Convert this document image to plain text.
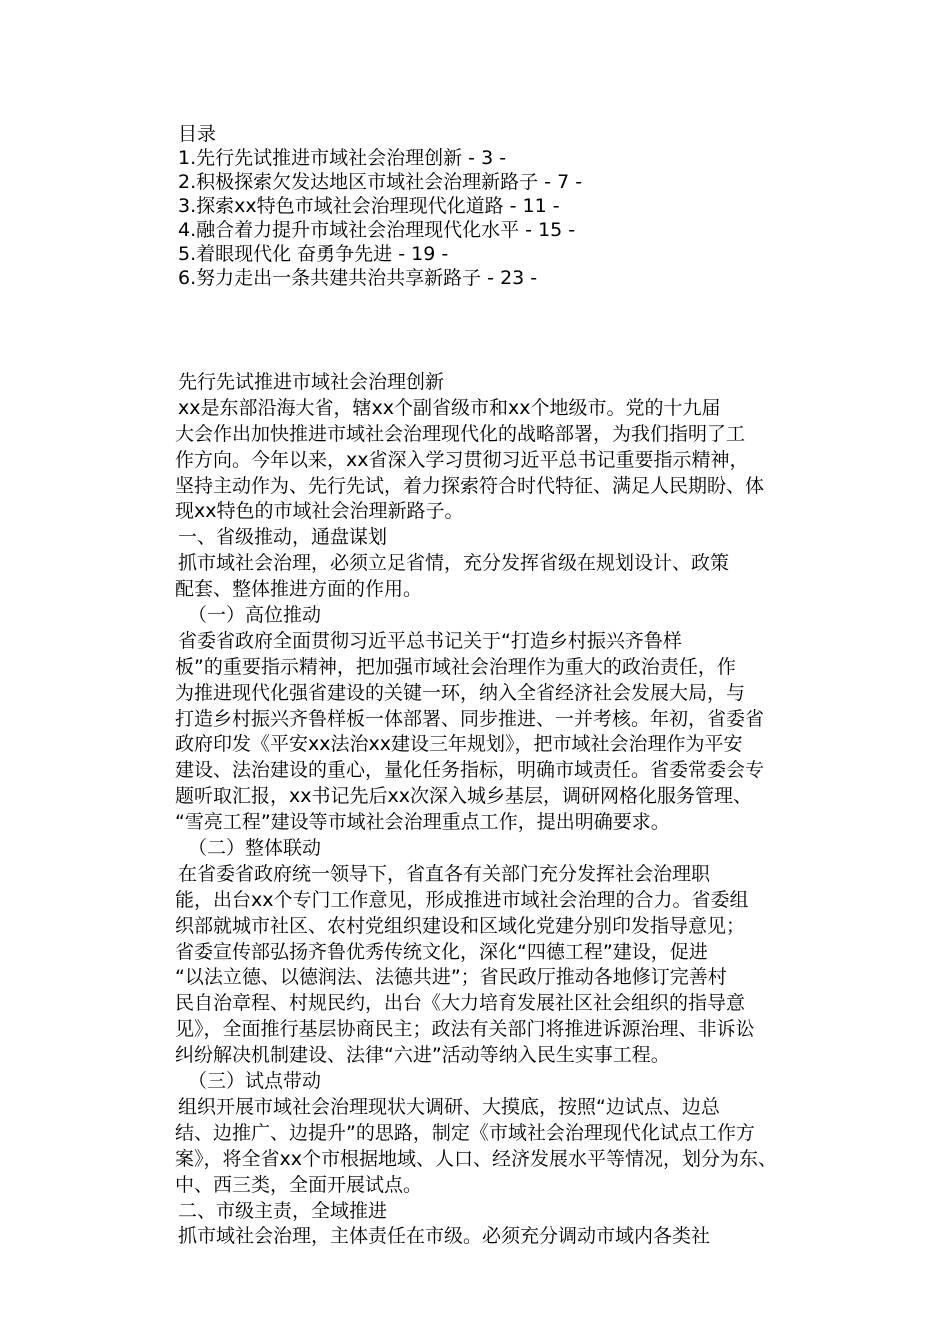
目录
1.先行先试推进市域社会治理创新 - 3 -
2.积极探索欠发达地区市域社会治理新路子 - 7 -
3.探索xx特色市域社会治理现代化道路 - 11 -
4.融合着力提升市域社会治理现代化水平 - 15 -
5.着眼现代化 奋勇争先进 - 19 -
6.努力走出一条共建共治共享新路子 - 23 -
先行先试推进市域社会治理创新
xx是东部沿海大省，辖xx个副省级市和xx个地级市。党的十九届
大会作出加快推进市域社会治理现代化的战略部署，为我们指明了工
作方向。今年以来，xx省深入学习贯彻习近平总书记重要指示精神，
坚持主动作为、先行先试，着力探索符合时代特征、满足人民期盼、体
现xx特色的市域社会治理新路子。
一、省级推动，通盘谋划
抓市域社会治理，必须立足省情，充分发挥省级在规划设计、政策
配套、整体推进方面的作用。
（一）高位推动
省委省政府全面贯彻习近平总书记关于“打造乡村振兴齐鲁样
板”的重要指示精神，把加强市域社会治理作为重大的政治责任，作
为推进现代化强省建设的关键一环，纳入全省经济社会发展大局，与
打造乡村振兴齐鲁样板一体部署、同步推进、一并考核。年初，省委省
政府印发《平安xx法治xx建设三年规划》，把市域社会治理作为平安
建设、法治建设的重心，量化任务指标，明确市域责任。省委常委会专
题听取汇报，xx书记先后xx次深入城乡基层，调研网格化服务管理、
“雪亮工程”建设等市域社会治理重点工作，提出明确要求。
（二）整体联动
在省委省政府统一领导下，省直各有关部门充分发挥社会治理职
能，出台xx个专门工作意见，形成推进市域社会治理的合力。省委组
织部就城市社区、农村党组织建设和区域化党建分别印发指导意见；
省委宣传部弘扬齐鲁优秀传统文化，深化“四德工程”建设，促进
“以法立德、以德润法、法德共进”；省民政厅推动各地修订完善村
民自治章程、村规民约，出台《大力培育发展社区社会组织的指导意
见》，全面推行基层协商民主；政法有关部门将推进诉源治理、非诉讼
纠纷解决机制建设、法律“六进”活动等纳入民生实事工程。
（三）试点带动
组织开展市域社会治理现状大调研、大摸底，按照“边试点、边总
结、边推广、边提升”的思路，制定《市域社会治理现代化试点工作方
案》，将全省xx个市根据地域、人口、经济发展水平等情况，划分为东、
中、西三类，全面开展试点。
二、市级主责，全域推进
抓市域社会治理，主体责任在市级。必须充分调动市域内各类社
